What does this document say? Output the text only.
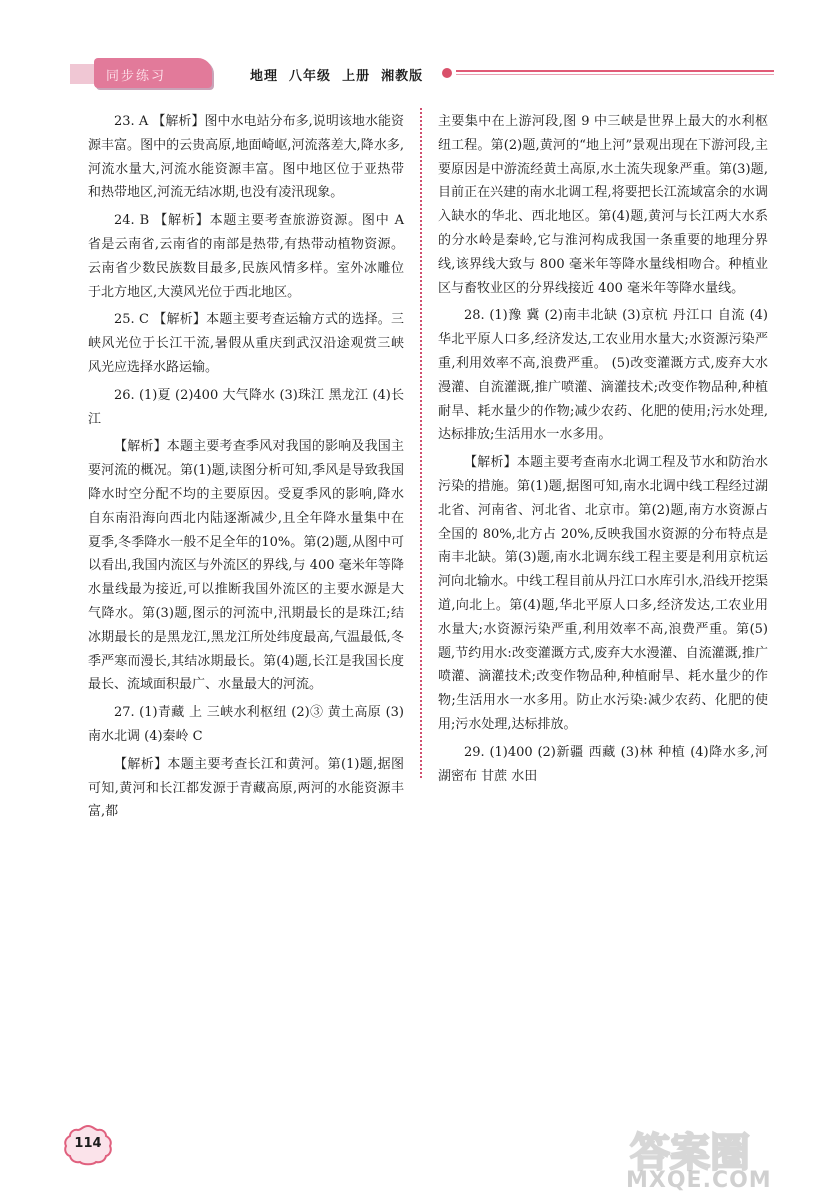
同步练习	地理  八年级  上册  湘教版

23. A 【解析】图中水电站分布多,说明该地水能资源丰富。图中的云贵高原,地面崎岖,河流落差大,降水多,河流水量大,河流水能资源丰富。图中地区位于亚热带和热带地区,河流无结冰期,也没有凌汛现象。

24. B 【解析】本题主要考查旅游资源。图中 A 省是云南省,云南省的南部是热带,有热带动植物资源。云南省少数民族数目最多,民族风情多样。室外冰雕位于北方地区,大漠风光位于西北地区。

25. C 【解析】本题主要考查运输方式的选择。三峡风光位于长江干流,暑假从重庆到武汉沿途观赏三峡风光应选择水路运输。

26. (1)夏 (2)400 大气降水 (3)珠江 黑龙江 (4)长江

【解析】本题主要考查季风对我国的影响及我国主要河流的概况。第(1)题,读图分析可知,季风是导致我国降水时空分配不均的主要原因。受夏季风的影响,降水自东南沿海向西北内陆逐渐减少,且全年降水量集中在夏季,冬季降水一般不足全年的10%。第(2)题,从图中可以看出,我国内流区与外流区的界线,与 400 毫米年等降水量线最为接近,可以推断我国外流区的主要水源是大气降水。第(3)题,图示的河流中,汛期最长的是珠江;结冰期最长的是黑龙江,黑龙江所处纬度最高,气温最低,冬季严寒而漫长,其结冰期最长。第(4)题,长江是我国长度最长、流域面积最广、水量最大的河流。

27. (1)青藏 上 三峡水利枢纽 (2)③ 黄土高原 (3)南水北调 (4)秦岭 C

【解析】本题主要考查长江和黄河。第(1)题,据图可知,黄河和长江都发源于青藏高原,两河的水能资源丰富,都

主要集中在上游河段,图 9 中三峡是世界上最大的水利枢纽工程。第(2)题,黄河的“地上河”景观出现在下游河段,主要原因是中游流经黄土高原,水土流失现象严重。第(3)题,目前正在兴建的南水北调工程,将要把长江流域富余的水调入缺水的华北、西北地区。第(4)题,黄河与长江两大水系的分水岭是秦岭,它与淮河构成我国一条重要的地理分界线,该界线大致与 800 毫米年等降水量线相吻合。种植业区与畜牧业区的分界线接近 400 毫米年等降水量线。

28. (1)豫 冀 (2)南丰北缺 (3)京杭 丹江口 自流 (4)华北平原人口多,经济发达,工农业用水量大;水资源污染严重,利用效率不高,浪费严重。 (5)改变灌溉方式,废弃大水漫灌、自流灌溉,推广喷灌、滴灌技术;改变作物品种,种植耐旱、耗水量少的作物;减少农药、化肥的使用;污水处理,达标排放;生活用水一水多用。

【解析】本题主要考查南水北调工程及节水和防治水污染的措施。第(1)题,据图可知,南水北调中线工程经过湖北省、河南省、河北省、北京市。第(2)题,南方水资源占全国的 80%,北方占 20%,反映我国水资源的分布特点是南丰北缺。第(3)题,南水北调东线工程主要是利用京杭运河向北输水。中线工程目前从丹江口水库引水,沿线开挖渠道,向北上。第(4)题,华北平原人口多,经济发达,工农业用水量大;水资源污染严重,利用效率不高,浪费严重。第(5)题,节约用水:改变灌溉方式,废弃大水漫灌、自流灌溉,推广喷灌、滴灌技术;改变作物品种,种植耐旱、耗水量少的作物;生活用水一水多用。防止水污染:减少农药、化肥的使用;污水处理,达标排放。

29. (1)400 (2)新疆 西藏 (3)林 种植 (4)降水多,河湖密布 甘蔗 水田

114	答案圈
MXQE.COM
